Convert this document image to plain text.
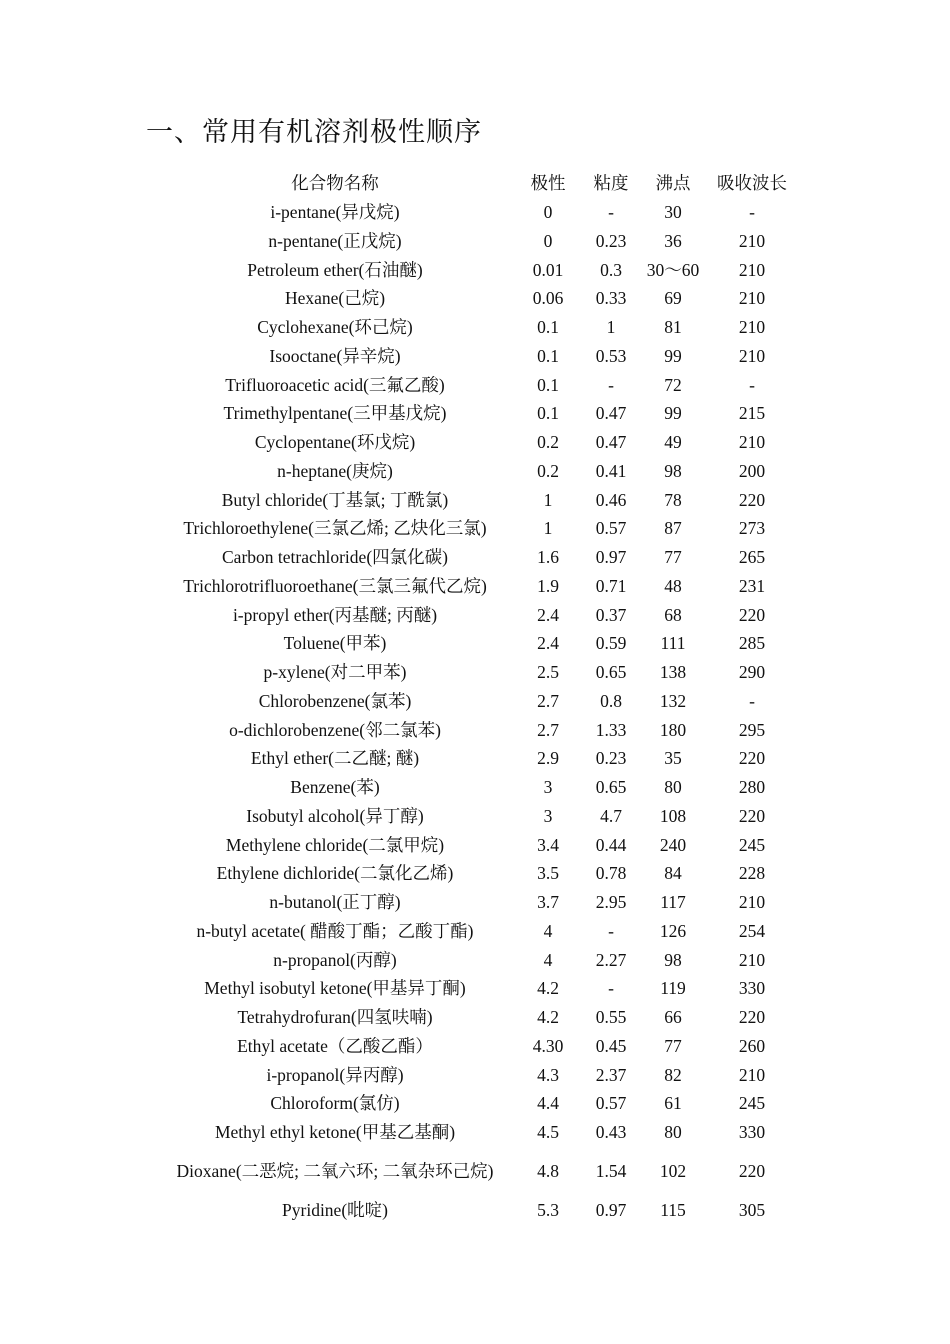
一、常用有机溶剂极性顺序
化合物名称	极性	粘度	沸点	吸收波长
i-pentane(异戊烷)	0	-	30	-
n-pentane(正戊烷)	0	0.23	36	210
Petroleum ether(石油醚)	0.01	0.3	30～60	210
Hexane(己烷)	0.06	0.33	69	210
Cyclohexane(环己烷)	0.1	1	81	210
Isooctane(异辛烷)	0.1	0.53	99	210
Trifluoroacetic acid(三氟乙酸)	0.1	-	72	-
Trimethylpentane(三甲基戊烷)	0.1	0.47	99	215
Cyclopentane(环戊烷)	0.2	0.47	49	210
n-heptane(庚烷)	0.2	0.41	98	200
Butyl chloride(丁基氯; 丁酰氯)	1	0.46	78	220
Trichloroethylene(三氯乙烯; 乙炔化三氯)	1	0.57	87	273
Carbon tetrachloride(四氯化碳)	1.6	0.97	77	265
Trichlorotrifluoroethane(三氯三氟代乙烷)	1.9	0.71	48	231
i-propyl ether(丙基醚; 丙醚)	2.4	0.37	68	220
Toluene(甲苯)	2.4	0.59	111	285
p-xylene(对二甲苯)	2.5	0.65	138	290
Chlorobenzene(氯苯)	2.7	0.8	132	-
o-dichlorobenzene(邻二氯苯)	2.7	1.33	180	295
Ethyl ether(二乙醚; 醚)	2.9	0.23	35	220
Benzene(苯)	3	0.65	80	280
Isobutyl alcohol(异丁醇)	3	4.7	108	220
Methylene chloride(二氯甲烷)	3.4	0.44	240	245
Ethylene dichloride(二氯化乙烯)	3.5	0.78	84	228
n-butanol(正丁醇)	3.7	2.95	117	210
n-butyl acetate( 醋酸丁酯；乙酸丁酯)	4	-	126	254
n-propanol(丙醇)	4	2.27	98	210
Methyl isobutyl ketone(甲基异丁酮)	4.2	-	119	330
Tetrahydrofuran(四氢呋喃)	4.2	0.55	66	220
Ethyl acetate（乙酸乙酯）	4.30	0.45	77	260
i-propanol(异丙醇)	4.3	2.37	82	210
Chloroform(氯仿)	4.4	0.57	61	245
Methyl ethyl ketone(甲基乙基酮)	4.5	0.43	80	330
Dioxane(二恶烷; 二氧六环; 二氧杂环己烷)	4.8	1.54	102	220
Pyridine(吡啶)	5.3	0.97	115	305
